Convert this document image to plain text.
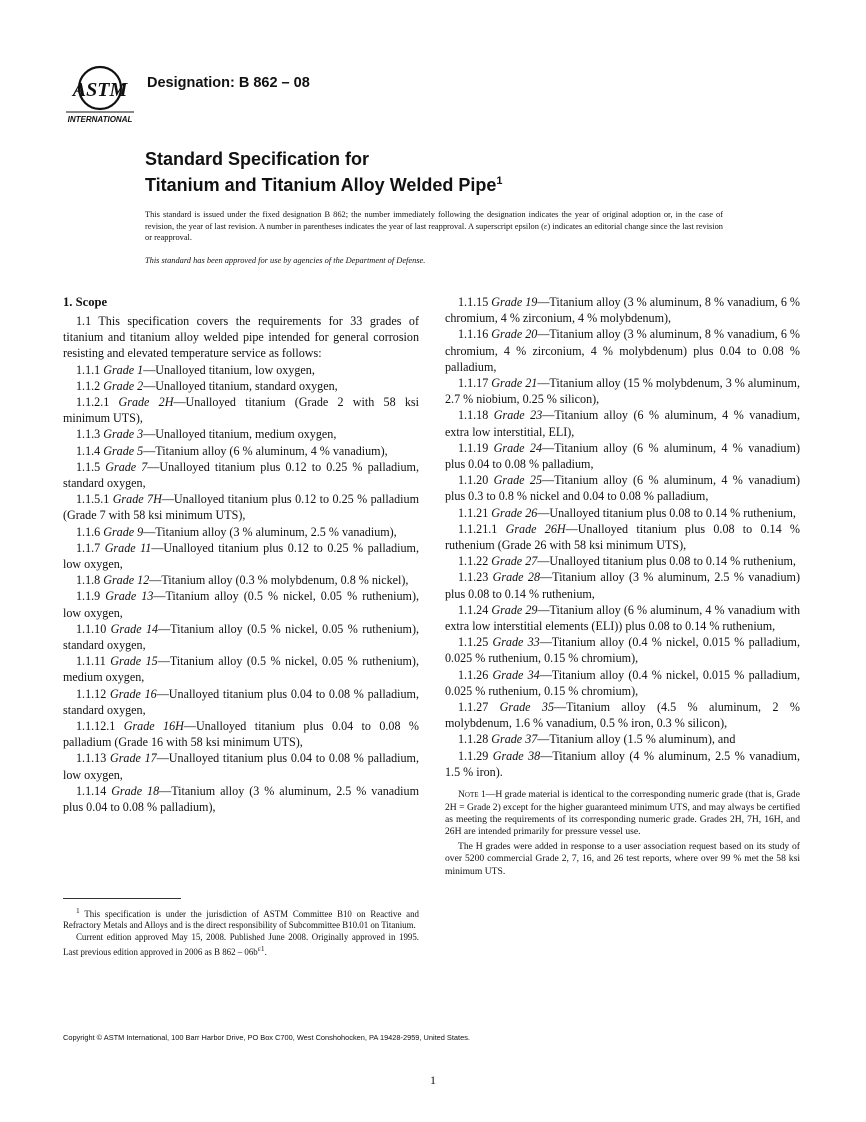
ASTM
INTERNATIONAL
Designation: B 862 – 08
Standard Specification for
Titanium and Titanium Alloy Welded Pipe$^1$
This standard is issued under the fixed designation B 862; the number immediately following the designation indicates the year of original adoption or, in the case of revision, the year of last revision. A number in parentheses indicates the year of last reapproval. A superscript epsilon (ε) indicates an editorial change since the last revision or reapproval.
This standard has been approved for use by agencies of the Department of Defense.
1. Scope

1.1 This specification covers the requirements for 33 grades of titanium and titanium alloy welded pipe intended for general corrosion resisting and elevated temperature service as follows:

1.1.1 Grade 1—Unalloyed titanium, low oxygen,

1.1.2 Grade 2—Unalloyed titanium, standard oxygen,

1.1.2.1 Grade 2H—Unalloyed titanium (Grade 2 with 58 ksi minimum UTS),

1.1.3 Grade 3—Unalloyed titanium, medium oxygen,

1.1.4 Grade 5—Titanium alloy (6 % aluminum, 4 % vanadium),

1.1.5 Grade 7—Unalloyed titanium plus 0.12 to 0.25 % palladium, standard oxygen,

1.1.5.1 Grade 7H—Unalloyed titanium plus 0.12 to 0.25 % palladium (Grade 7 with 58 ksi minimum UTS),

1.1.6 Grade 9—Titanium alloy (3 % aluminum, 2.5 % vanadium),

1.1.7 Grade 11—Unalloyed titanium plus 0.12 to 0.25 % palladium, low oxygen,

1.1.8 Grade 12—Titanium alloy (0.3 % molybdenum, 0.8 % nickel),

1.1.9 Grade 13—Titanium alloy (0.5 % nickel, 0.05 % ruthenium), low oxygen,

1.1.10 Grade 14—Titanium alloy (0.5 % nickel, 0.05 % ruthenium), standard oxygen,

1.1.11 Grade 15—Titanium alloy (0.5 % nickel, 0.05 % ruthenium), medium oxygen,

1.1.12 Grade 16—Unalloyed titanium plus 0.04 to 0.08 % palladium, standard oxygen,

1.1.12.1 Grade 16H—Unalloyed titanium plus 0.04 to 0.08 % palladium (Grade 16 with 58 ksi minimum UTS),

1.1.13 Grade 17—Unalloyed titanium plus 0.04 to 0.08 % palladium, low oxygen,

1.1.14 Grade 18—Titanium alloy (3 % aluminum, 2.5 % vanadium plus 0.04 to 0.08 % palladium),

1.1.15 Grade 19—Titanium alloy (3 % aluminum, 8 % vanadium, 6 % chromium, 4 % zirconium, 4 % molybdenum),

1.1.16 Grade 20—Titanium alloy (3 % aluminum, 8 % vanadium, 6 % chromium, 4 % zirconium, 4 % molybdenum) plus 0.04 to 0.08 % palladium,

1.1.17 Grade 21—Titanium alloy (15 % molybdenum, 3 % aluminum, 2.7 % niobium, 0.25 % silicon),

1.1.18 Grade 23—Titanium alloy (6 % aluminum, 4 % vanadium, extra low interstitial, ELI),

1.1.19 Grade 24—Titanium alloy (6 % aluminum, 4 % vanadium) plus 0.04 to 0.08 % palladium,

1.1.20 Grade 25—Titanium alloy (6 % aluminum, 4 % vanadium) plus 0.3 to 0.8 % nickel and 0.04 to 0.08 % palladium,

1.1.21 Grade 26—Unalloyed titanium plus 0.08 to 0.14 % ruthenium,

1.1.21.1 Grade 26H—Unalloyed titanium plus 0.08 to 0.14 % ruthenium (Grade 26 with 58 ksi minimum UTS),

1.1.22 Grade 27—Unalloyed titanium plus 0.08 to 0.14 % ruthenium,

1.1.23 Grade 28—Titanium alloy (3 % aluminum, 2.5 % vanadium) plus 0.08 to 0.14 % ruthenium,

1.1.24 Grade 29—Titanium alloy (6 % aluminum, 4 % vanadium with extra low interstitial elements (ELI)) plus 0.08 to 0.14 % ruthenium,

1.1.25 Grade 33—Titanium alloy (0.4 % nickel, 0.015 % palladium, 0.025 % ruthenium, 0.15 % chromium),

1.1.26 Grade 34—Titanium alloy (0.4 % nickel, 0.015 % palladium, 0.025 % ruthenium, 0.15 % chromium),

1.1.27 Grade 35—Titanium alloy (4.5 % aluminum, 2 % molybdenum, 1.6 % vanadium, 0.5 % iron, 0.3 % silicon),

1.1.28 Grade 37—Titanium alloy (1.5 % aluminum), and

1.1.29 Grade 38—Titanium alloy (4 % aluminum, 2.5 % vanadium, 1.5 % iron).

Note 1—H grade material is identical to the corresponding numeric grade (that is, Grade 2H = Grade 2) except for the higher guaranteed minimum UTS, and may always be certified as meeting the requirements of its corresponding numeric grade. Grades 2H, 7H, 16H, and 26H are intended primarily for pressure vessel use.

The H grades were added in response to a user association request based on its study of over 5200 commercial Grade 2, 7, 16, and 26 test reports, where over 99 % met the 58 ksi minimum UTS.

$^1$ This specification is under the jurisdiction of ASTM Committee B10 on Reactive and Refractory Metals and Alloys and is the direct responsibility of Subcommittee B10.01 on Titanium.

Current edition approved May 15, 2008. Published June 2008. Originally approved in 1995. Last previous edition approved in 2006 as B $862 - 06b^{\varepsilon 1}$.

Copyright © ASTM International, 100 Barr Harbor Drive, PO Box C700, West Conshohocken, PA 19428-2959, United States.
1
